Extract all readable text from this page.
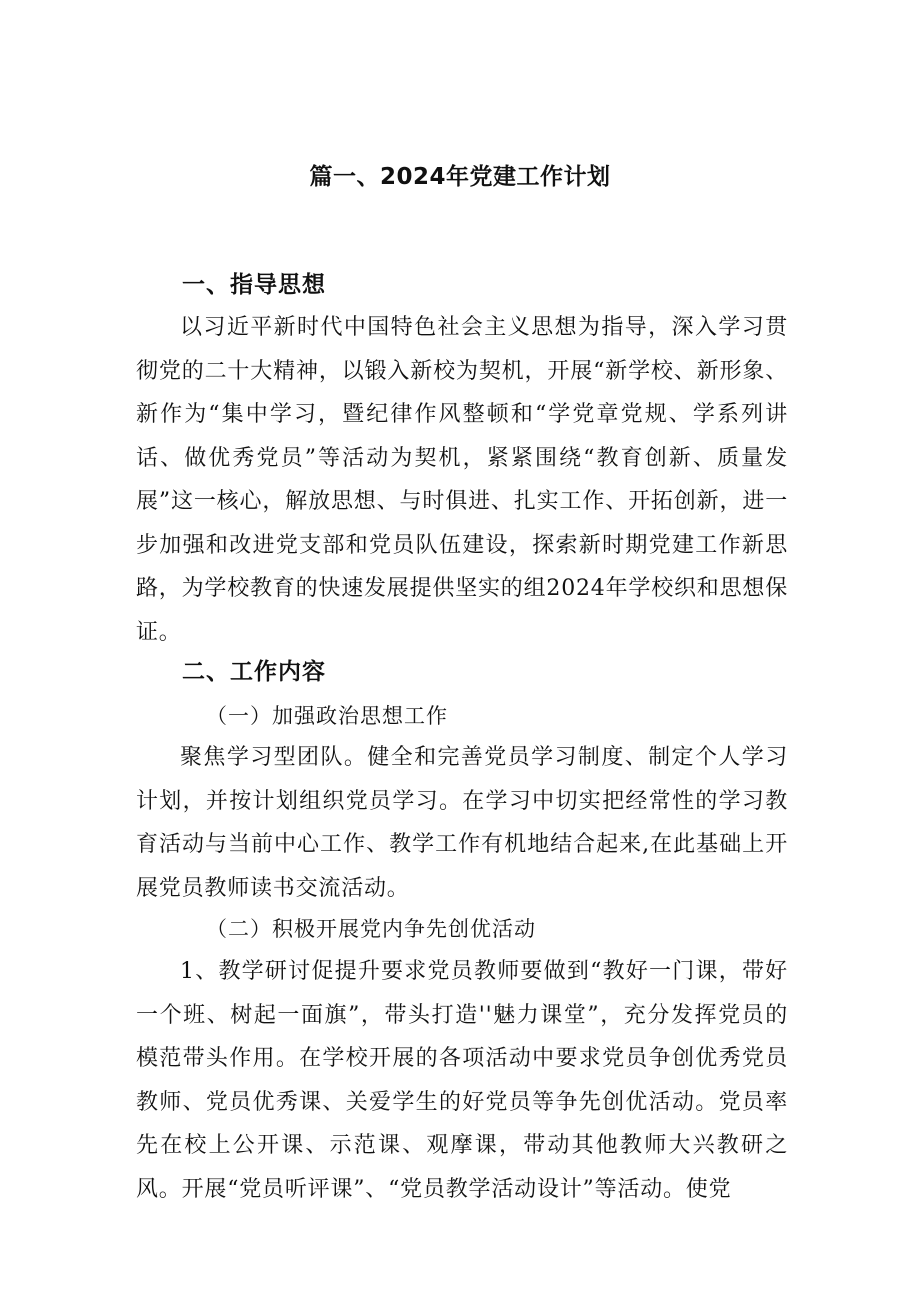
篇一、2024年党建工作计划
一、指导思想

以习近平新时代中国特色社会主义思想为指导，深入学习贯彻党的二十大精神，以锻入新校为契机，开展“新学校、新形象、新作为“集中学习，暨纪律作风整顿和“学党章党规、学系列讲话、做优秀党员”等活动为契机，紧紧围绕“教育创新、质量发展”这一核心，解放思想、与时俱进、扎实工作、开拓创新，进一步加强和改进党支部和党员队伍建设，探索新时期党建工作新思路，为学校教育的快速发展提供坚实的组2024年学校织和思想保证。

二、工作内容
（一）加强政治思想工作

聚焦学习型团队。健全和完善党员学习制度、制定个人学习计划，并按计划组织党员学习。在学习中切实把经常性的学习教育活动与当前中心工作、教学工作有机地结合起来,在此基础上开展党员教师读书交流活动。

（二）积极开展党内争先创优活动

1、教学研讨促提升要求党员教师要做到“教好一门课，带好一个班、树起一面旗”，带头打造''魅力课堂”，充分发挥党员的模范带头作用。在学校开展的各项活动中要求党员争创优秀党员教师、党员优秀课、关爱学生的好党员等争先创优活动。党员率先在校上公开课、示范课、观摩课，带动其他教师大兴教研之风。开展“党员听评课”、“党员教学活动设计”等活动。使党
